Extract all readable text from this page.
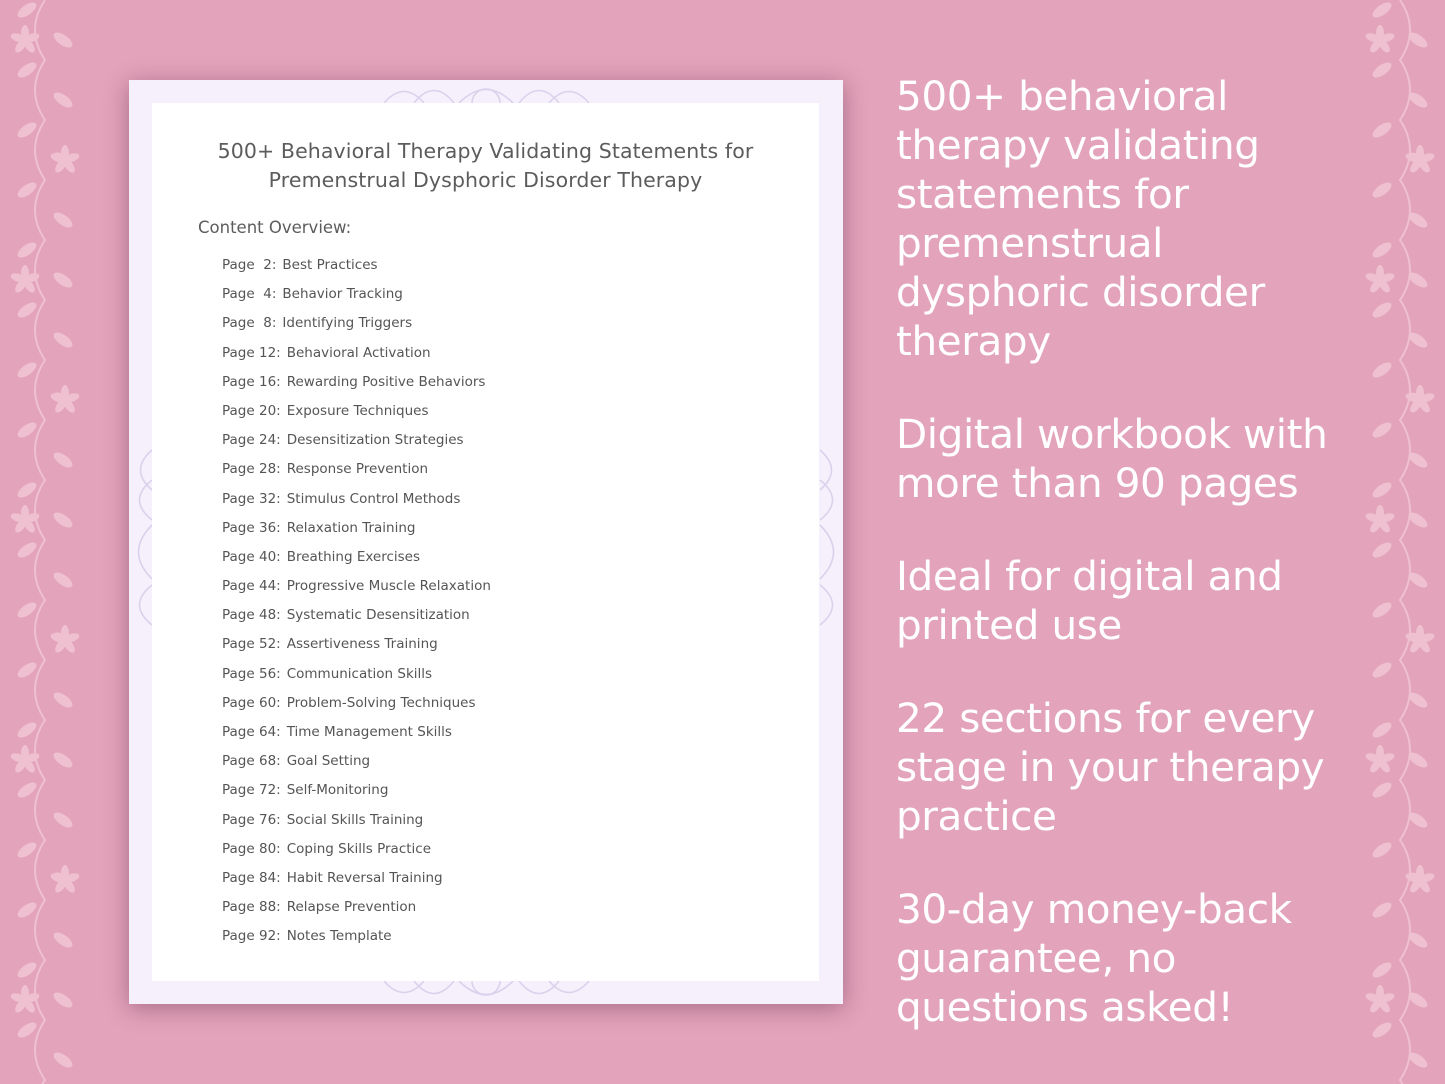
500+ Behavioral Therapy Validating Statements for
Premenstrual Dysphoric Disorder Therapy

Content Overview:

Page  2: Best Practices
Page  4: Behavior Tracking
Page  8: Identifying Triggers
Page 12: Behavioral Activation
Page 16: Rewarding Positive Behaviors
Page 20: Exposure Techniques
Page 24: Desensitization Strategies
Page 28: Response Prevention
Page 32: Stimulus Control Methods
Page 36: Relaxation Training
Page 40: Breathing Exercises
Page 44: Progressive Muscle Relaxation
Page 48: Systematic Desensitization
Page 52: Assertiveness Training
Page 56: Communication Skills
Page 60: Problem-Solving Techniques
Page 64: Time Management Skills
Page 68: Goal Setting
Page 72: Self-Monitoring
Page 76: Social Skills Training
Page 80: Coping Skills Practice
Page 84: Habit Reversal Training
Page 88: Relapse Prevention
Page 92: Notes Template

500+ behavioral
therapy validating
statements for
premenstrual
dysphoric disorder
therapy

Digital workbook with
more than 90 pages

Ideal for digital and
printed use

22 sections for every
stage in your therapy
practice

30-day money-back
guarantee, no
questions asked!
